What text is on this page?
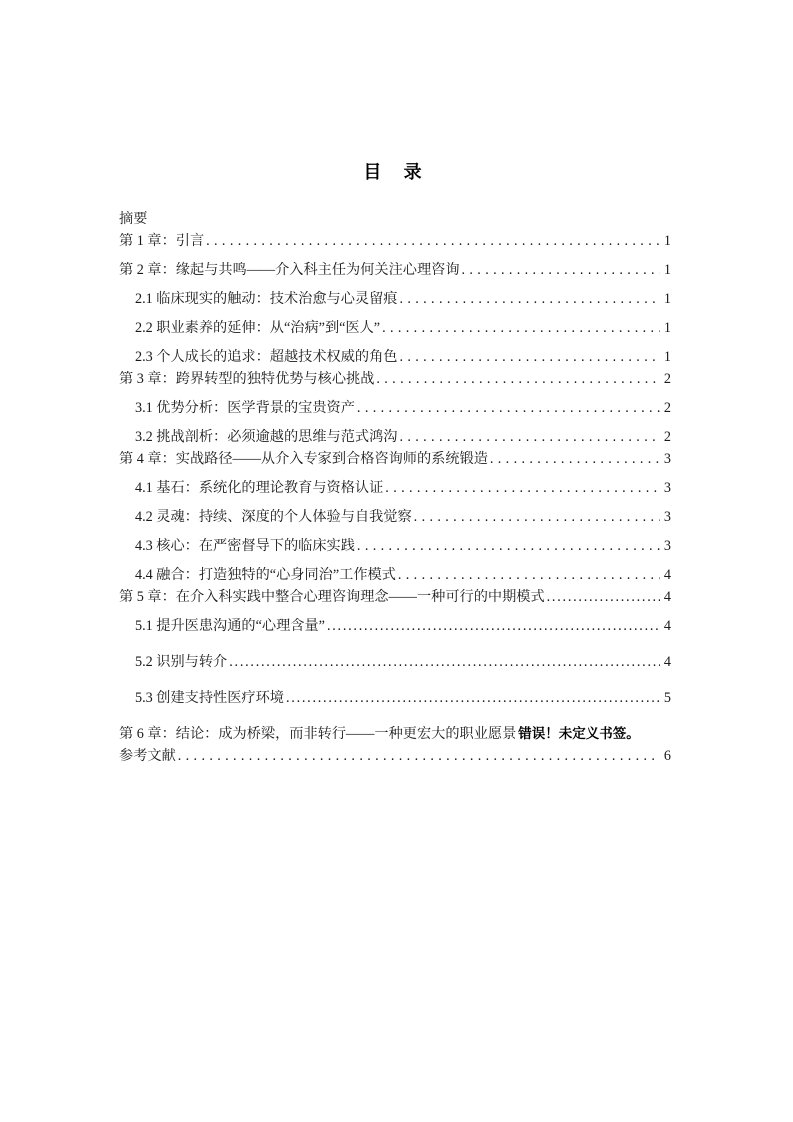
目 录
摘要
第 1 章：引言 . . .	1
第 2 章：缘起与共鸣——介入科主任为何关注心理咨询 . . .	1
2.1 临床现实的触动：技术治愈与心灵留痕 . . .	1
2.2 职业素养的延伸：从“治病”到“医人” . . .	1
2.3 个人成长的追求：超越技术权威的角色 . . .	1
第 3 章：跨界转型的独特优势与核心挑战 . . .	2
3.1 优势分析：医学背景的宝贵资产 . . .	2
3.2 挑战剖析：必须逾越的思维与范式鸿沟 . . .	2
第 4 章：实战路径——从介入专家到合格咨询师的系统锻造 . . .	3
4.1 基石：系统化的理论教育与资格认证 . . .	3
4.2 灵魂：持续、深度的个人体验与自我觉察 . . .	3
4.3 核心：在严密督导下的临床实践 . . .	3
4.4 融合：打造独特的“心身同治”工作模式 . . .	4
第 5 章：在介入科实践中整合心理咨询理念——一种可行的中期模式 . . .	4
5.1 提升医患沟通的“心理含量” . . .	4
5.2 识别与转介 . . .	4
5.3 创建支持性医疗环境 . . .	5
第 6 章：结论：成为桥梁，而非转行——一种更宏大的职业愿景 错误！未定义书签。
参考文献 . . .	6
